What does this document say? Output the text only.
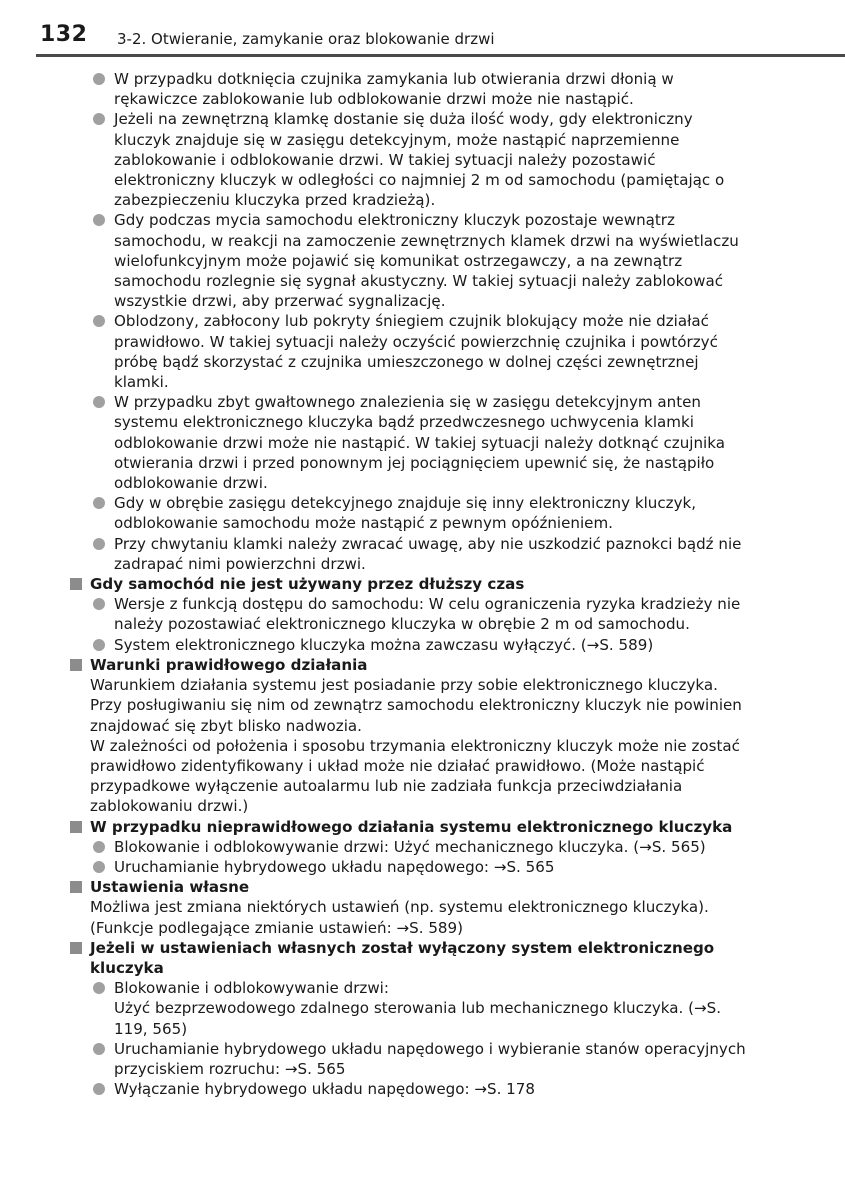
132 3-2. Otwieranie, zamykanie oraz blokowanie drzwi
W przypadku dotknięcia czujnika zamykania lub otwierania drzwi dłonią w rękawiczce zablokowanie lub odblokowanie drzwi może nie nastąpić.
Jeżeli na zewnętrzną klamkę dostanie się duża ilość wody, gdy elektroniczny kluczyk znajduje się w zasięgu detekcyjnym, może nastąpić naprzemienne zablokowanie i odblokowanie drzwi. W takiej sytuacji należy pozostawić elektroniczny kluczyk w odległości co najmniej 2 m od samochodu (pamiętając o zabezpieczeniu kluczyka przed kradzieżą).
Gdy podczas mycia samochodu elektroniczny kluczyk pozostaje wewnątrz samochodu, w reakcji na zamoczenie zewnętrznych klamek drzwi na wyświetlaczu wielofunkcyjnym może pojawić się komunikat ostrzegawczy, a na zewnątrz samochodu rozlegnie się sygnał akustyczny. W takiej sytuacji należy zablokować wszystkie drzwi, aby przerwać sygnalizację.
Oblodzony, zabłocony lub pokryty śniegiem czujnik blokujący może nie działać prawidłowo. W takiej sytuacji należy oczyścić powierzchnię czujnika i powtórzyć próbę bądź skorzystać z czujnika umieszczonego w dolnej części zewnętrznej klamki.
W przypadku zbyt gwałtownego znalezienia się w zasięgu detekcyjnym anten systemu elektronicznego kluczyka bądź przedwczesnego uchwycenia klamki odblokowanie drzwi może nie nastąpić. W takiej sytuacji należy dotknąć czujnika otwierania drzwi i przed ponownym jej pociągnięciem upewnić się, że nastąpiło odblokowanie drzwi.
Gdy w obrębie zasięgu detekcyjnego znajduje się inny elektroniczny kluczyk, odblokowanie samochodu może nastąpić z pewnym opóźnieniem.
Przy chwytaniu klamki należy zwracać uwagę, aby nie uszkodzić paznokci bądź nie zadrapać nimi powierzchni drzwi.
Gdy samochód nie jest używany przez dłuższy czas
Wersje z funkcją dostępu do samochodu: W celu ograniczenia ryzyka kradzieży nie należy pozostawiać elektronicznego kluczyka w obrębie 2 m od samochodu.
System elektronicznego kluczyka można zawczasu wyłączyć. (→S. 589)
Warunki prawidłowego działania
Warunkiem działania systemu jest posiadanie przy sobie elektronicznego kluczyka. Przy posługiwaniu się nim od zewnątrz samochodu elektroniczny kluczyk nie powinien znajdować się zbyt blisko nadwozia.
W zależności od położenia i sposobu trzymania elektroniczny kluczyk może nie zostać prawidłowo zidentyfikowany i układ może nie działać prawidłowo. (Może nastąpić przypadkowe wyłączenie autoalarmu lub nie zadziała funkcja przeciwdziałania zablokowaniu drzwi.)
W przypadku nieprawidłowego działania systemu elektronicznego kluczyka
Blokowanie i odblokowywanie drzwi: Użyć mechanicznego kluczyka. (→S. 565)
Uruchamianie hybrydowego układu napędowego: →S. 565
Ustawienia własne
Możliwa jest zmiana niektórych ustawień (np. systemu elektronicznego kluczyka). (Funkcje podlegające zmianie ustawień: →S. 589)
Jeżeli w ustawieniach własnych został wyłączony system elektronicznego kluczyka
Blokowanie i odblokowywanie drzwi:
Użyć bezprzewodowego zdalnego sterowania lub mechanicznego kluczyka. (→S. 119, 565)
Uruchamianie hybrydowego układu napędowego i wybieranie stanów operacyjnych przyciskiem rozruchu: →S. 565
Wyłączanie hybrydowego układu napędowego: →S. 178
